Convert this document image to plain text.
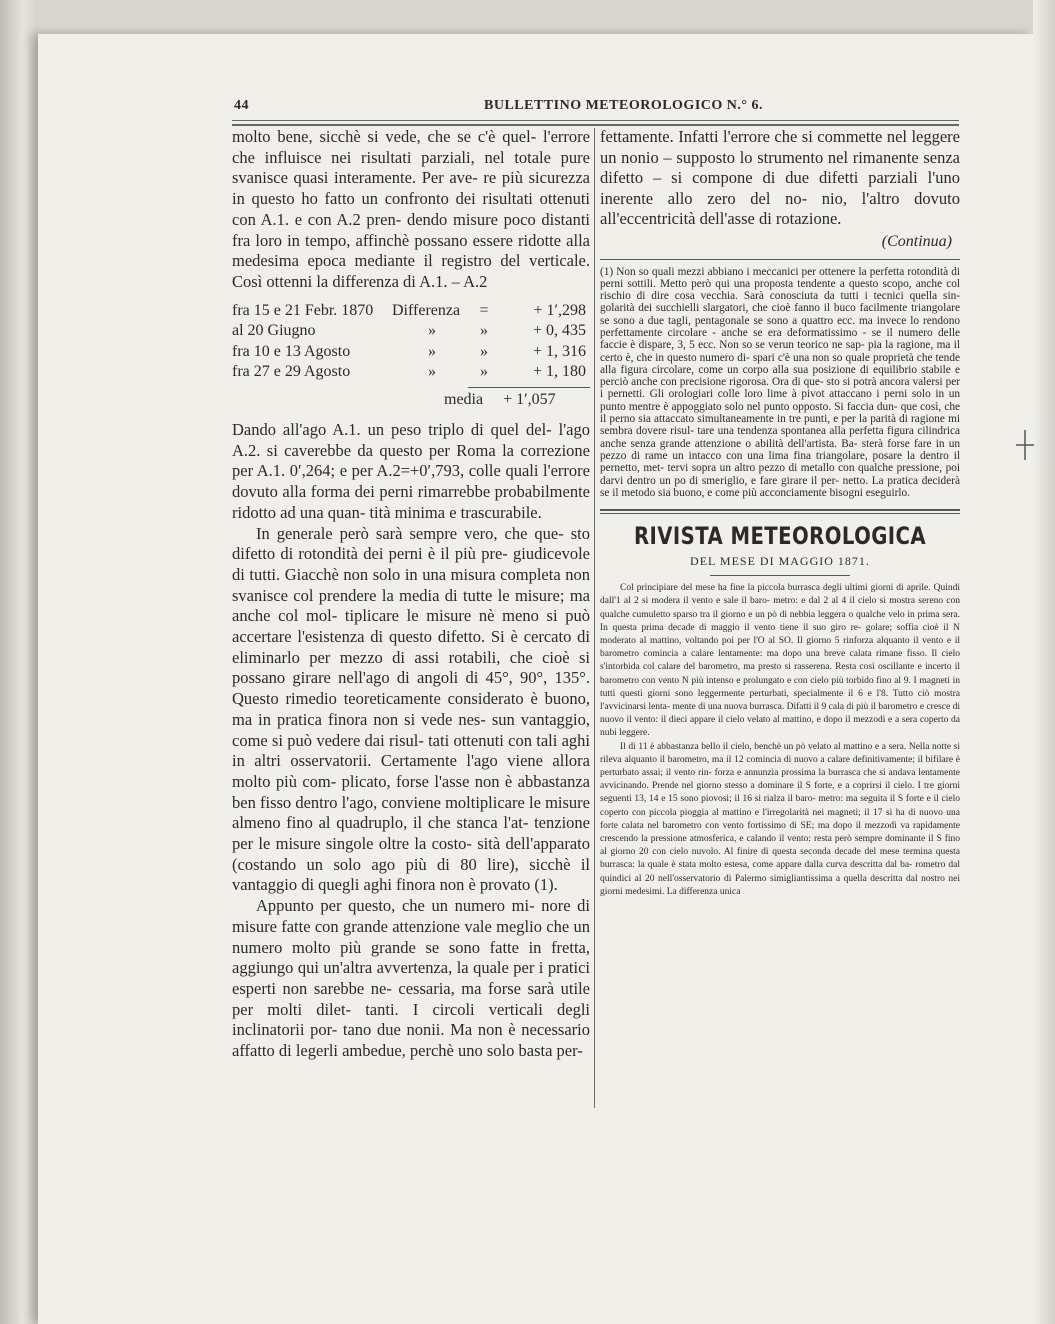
44	BULLETTINO METEOROLOGICO N.° 6.

molto bene, sicchè si vede, che se c'è quel- l'errore che influisce nei risultati parziali, nel totale pure svanisce quasi interamente. Per ave- re più sicurezza in questo ho fatto un confronto dei risultati ottenuti con A.1. e con A.2 pren- dendo misure poco distanti fra loro in tempo, affinchè possano essere ridotte alla medesima epoca mediante il registro del verticale. Così ottenni la differenza di A.1. – A.2

fra 15 e 21 Febr. 1870	Differenza	=	+ 1′,298
al 20 Giugno	»	»	+ 0, 435
fra 10 e 13 Agosto	»	»	+ 1, 316
fra 27 e 29 Agosto	»	»	+ 1, 180
media + 1′,057

Dando all'ago A.1. un peso triplo di quel del- l'ago A.2. si caverebbe da questo per Roma la correzione per A.1. 0′,264; e per A.2=+0′,793, colle quali l'errore dovuto alla forma dei perni rimarrebbe probabilmente ridotto ad una quan- tità minima e trascurabile.

In generale però sarà sempre vero, che que- sto difetto di rotondità dei perni è il più pre- giudicevole di tutti. Giacchè non solo in una misura completa non svanisce col prendere la media di tutte le misure; ma anche col mol- tiplicare le misure nè meno si può accertare l'esistenza di questo difetto. Si è cercato di eliminarlo per mezzo di assi rotabili, che cioè si possano girare nell'ago di angoli di 45°, 90°, 135°. Questo rimedio teoreticamente considerato è buono, ma in pratica finora non si vede nes- sun vantaggio, come si può vedere dai risul- tati ottenuti con tali aghi in altri osservatorii. Certamente l'ago viene allora molto più com- plicato, forse l'asse non è abbastanza ben fisso dentro l'ago, conviene moltiplicare le misure almeno fino al quadruplo, il che stanca l'at- tenzione per le misure singole oltre la costo- sità dell'apparato (costando un solo ago più di 80 lire), sicchè il vantaggio di quegli aghi finora non è provato (1).

Appunto per questo, che un numero mi- nore di misure fatte con grande attenzione vale meglio che un numero molto più grande se sono fatte in fretta, aggiungo qui un'altra avvertenza, la quale per i pratici esperti non sarebbe ne- cessaria, ma forse sarà utile per molti dilet- tanti. I circoli verticali degli inclinatorii por- tano due nonii. Ma non è necessario affatto di legerli ambedue, perchè uno solo basta per-

fettamente. Infatti l'errore che si commette nel leggere un nonio – supposto lo strumento nel rimanente senza difetto – si compone di due difetti parziali l'uno inerente allo zero del no- nio, l'altro dovuto all'eccentricità dell'asse di rotazione.

(Continua)

(1) Non so quali mezzi abbiano i meccanici per ottenere la perfetta rotondità di perni sottili. Metto però qui una proposta tendente a questo scopo, anche col rischio di dire cosa vecchia. Sarà conosciuta da tutti i tecnici quella sin- golarità dei succhielli slargatori, che cioè fanno il buco facilmente triangolare se sono a due tagli, pentagonale se sono a quattro ecc. ma invece lo rendono perfettamente circolare - anche se era deformatissimo - se il numero delle faccie è dispare, 3, 5 ecc. Non so se verun teorico ne sap- pia la ragione, ma il certo è, che in questo numero di- spari c'è una non so quale proprietà che tende alla figura circolare, come un corpo alla sua posizione di equilibrio stabile e perciò anche con precisione rigorosa. Ora di que- sto si potrà ancora valersi per i pernetti. Gli orologiari colle loro lime à pivot attaccano i perni solo in un punto mentre è appoggiato solo nel punto opposto. Si faccia dun- que così, che il perno sia attaccato simultaneamente in tre punti, e per la parità di ragione mi sembra dovere risul- tare una tendenza spontanea alla perfetta figura cilindrica anche senza grande attenzione o abilità dell'artista. Ba- sterà forse fare in un pezzo di rame un intacco con una lima fina triangolare, posare la dentro il pernetto, met- tervi sopra un altro pezzo di metallo con qualche pressione, poi darvi dentro un po di smeriglio, e fare girare il per- netto. La pratica deciderà se il metodo sia buono, e come più acconciamente bisogni eseguirlo.

RIVISTA METEOROLOGICA
DEL MESE DI MAGGIO 1871.

Col principiare del mese ha fine la piccola burrasca degli ultimi giorni di aprile. Quindi dall'1 al 2 si modera il vento e sale il baro- metro: e dal 2 al 4 il cielo si mostra sereno con qualche cumuletto sparso tra il giorno e un pò di nebbia leggera o qualche velo in prima sera. In questa prima decade di maggio il vento tiene il suo giro re- golare; soffia cioè il N moderato al mattino, voltando poi per l'O al SO. Il giorno 5 rinforza alquanto il vento e il barometro comincia a calare lentamente: ma dopo una breve calata rimane fisso. Il cielo s'intorbida col calare del barometro, ma presto si rasserena. Resta così oscillante e incerto il barometro con vento N più intenso e prolungato e con cielo più torbido fino al 9. I magneti in tutti questi giorni sono leggermente perturbati, specialmente il 6 e l'8. Tutto ciò mostra l'avvicinarsi lenta- mente di una nuova burrasca. Difatti il 9 cala di più il barometro e cresce di nuovo il vento: il dieci appare il cielo velato al mattino, e dopo il mezzodì e a sera coperto da nubi leggere.

Il dì 11 è abbastanza bello il cielo, benchè un pò velato al mattino e a sera. Nella notte si rileva alquanto il barometro, ma il 12 comincia di nuovo a calare definitivamente; il bifilare è perturbato assai; il vento rin- forza e annunzia prossima la burrasca che si andava lentamente avvicinando. Prende nel giorno stesso a dominare il S forte, e a coprirsi il cielo. I tre giorni seguenti 13, 14 e 15 sono piovosi; il 16 si rialza il baro- metro: ma seguita il S forte e il cielo coperto con piccola pioggia al mattino e l'irregolarità nei magneti; il 17 si ha di nuovo una forte calata nel barometro con vento fortissimo di SE; ma dopo il mezzodì va rapidamente crescendo la pressione atmosferica, e calando il vento: resta però sempre dominante il S fino al giorno 20 con cielo nuvolo. Al finire di questa seconda decade del mese termina questa burrasca: la quale è stata molto estesa, come appare dalla curva descritta dal ba- rometro dal quindici al 20 nell'osservatorio di Palermo simigliantissima a quella descritta dal nostro nei giorni medesimi. La differenza unica
